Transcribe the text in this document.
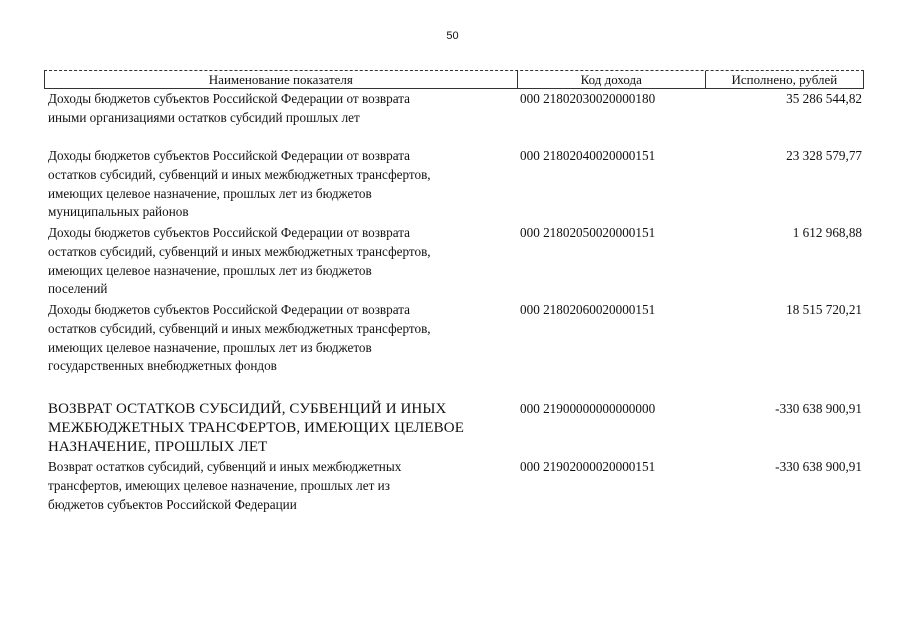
50
Наименование показателя	Код дохода	Исполнено, рублей
Доходы бюджетов субъектов Российской Федерации от возврата
иными организациями остатков субсидий прошлых лет
000 21802030020000180	35 286 544,82
Доходы бюджетов субъектов Российской Федерации от возврата
остатков субсидий, субвенций и иных межбюджетных трансфертов,
имеющих целевое назначение, прошлых лет из бюджетов
муниципальных районов
000 21802040020000151	23 328 579,77
Доходы бюджетов субъектов Российской Федерации от возврата
остатков субсидий, субвенций и иных межбюджетных трансфертов,
имеющих целевое назначение, прошлых лет из бюджетов
поселений
000 21802050020000151	1 612 968,88
Доходы бюджетов субъектов Российской Федерации от возврата
остатков субсидий, субвенций и иных межбюджетных трансфертов,
имеющих целевое назначение, прошлых лет из бюджетов
государственных внебюджетных фондов
000 21802060020000151	18 515 720,21
ВОЗВРАТ ОСТАТКОВ СУБСИДИЙ, СУБВЕНЦИЙ И ИНЫХ
МЕЖБЮДЖЕТНЫХ ТРАНСФЕРТОВ, ИМЕЮЩИХ ЦЕЛЕВОЕ
НАЗНАЧЕНИЕ, ПРОШЛЫХ ЛЕТ
000 21900000000000000	-330 638 900,91
Возврат остатков субсидий, субвенций и иных межбюджетных
трансфертов, имеющих целевое назначение, прошлых лет из
бюджетов субъектов Российской Федерации
000 21902000020000151	-330 638 900,91
